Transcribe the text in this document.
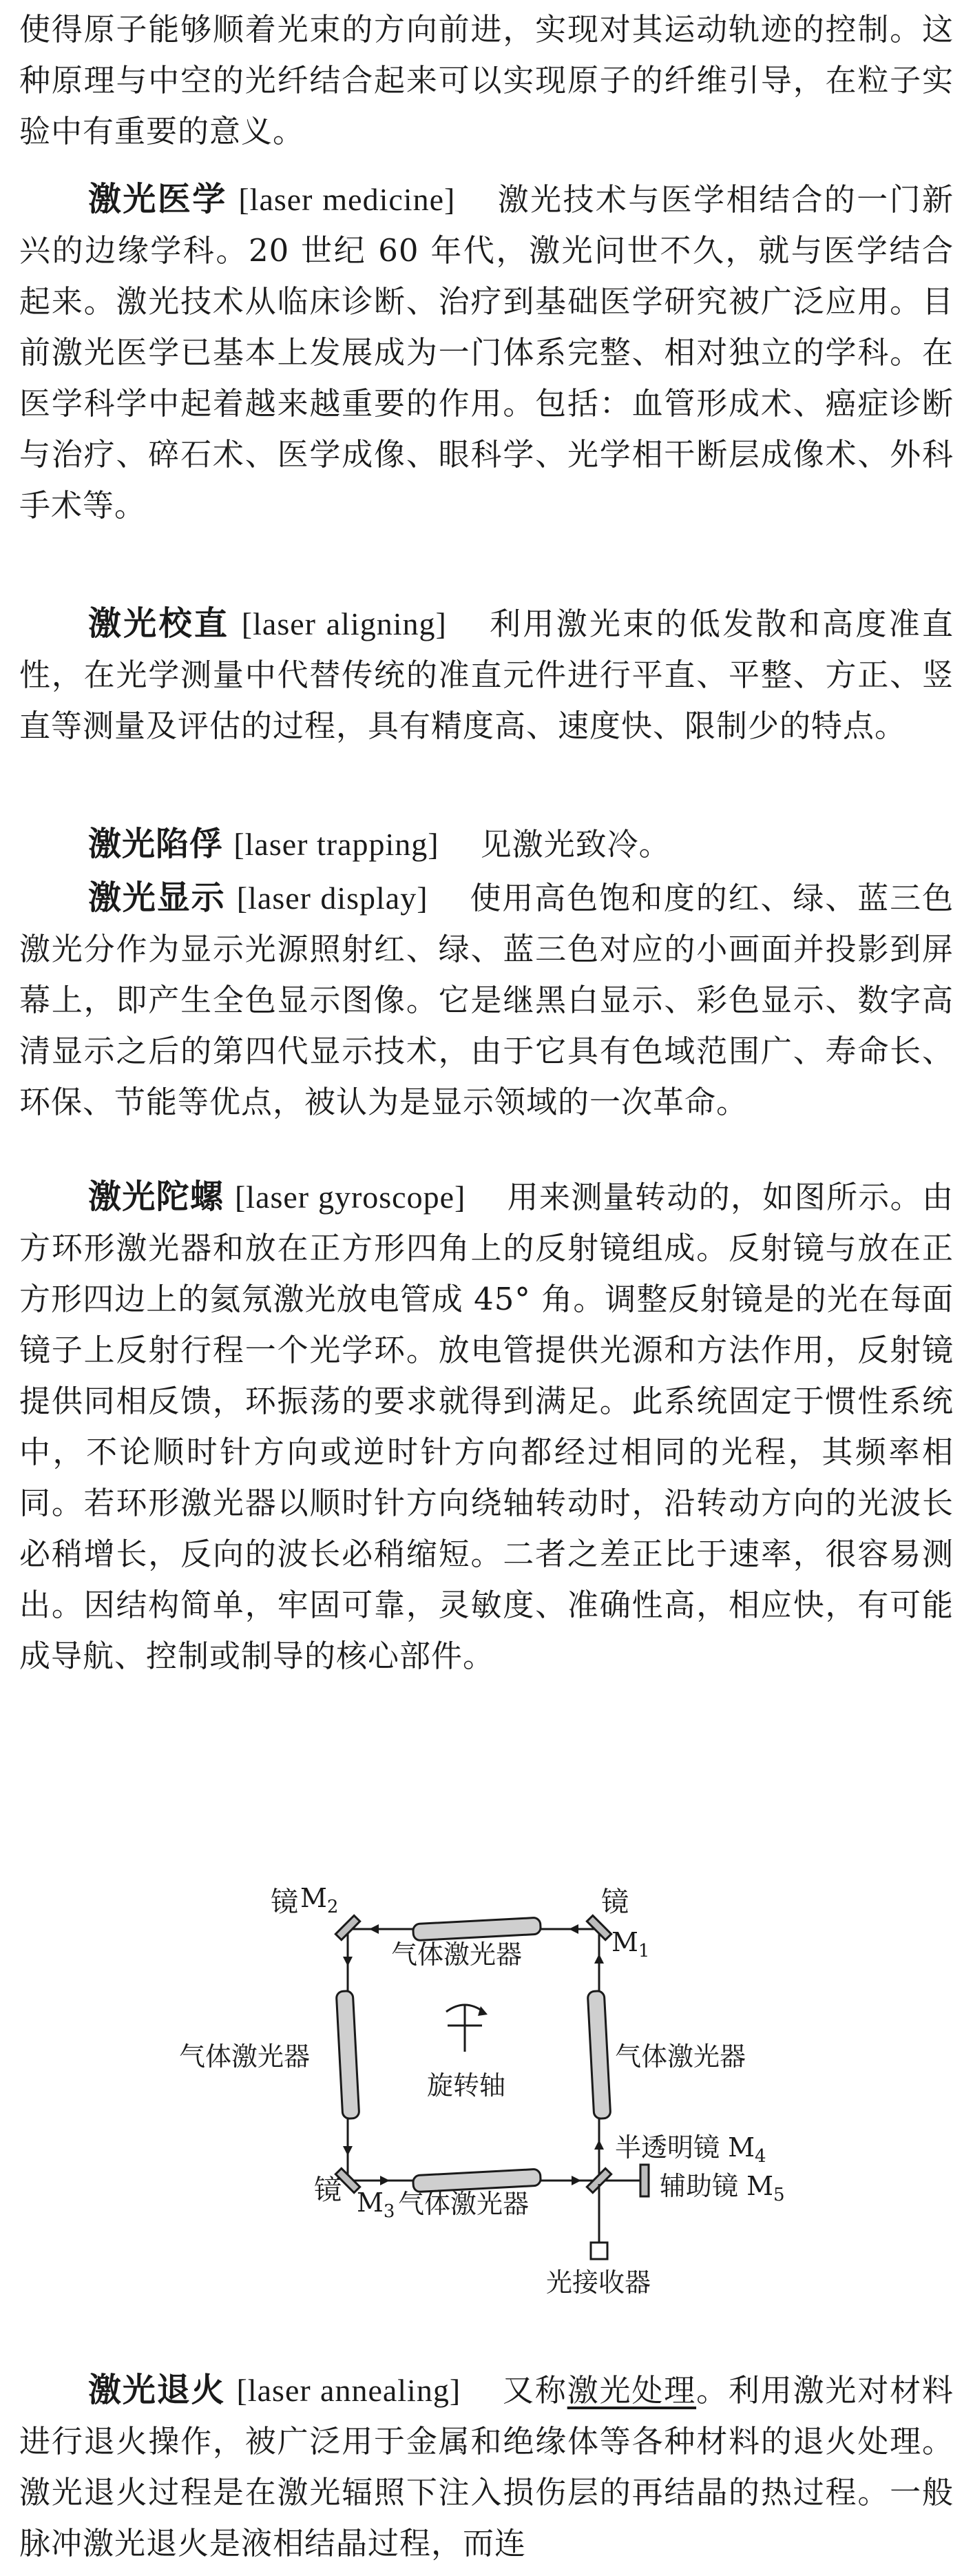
使得原子能够顺着光束的方向前进，实现对其运动轨迹的控制。这种原理与中空的光纤结合起来可以实现原子的纤维引导，在粒子实验中有重要的意义。

激光医学 [laser medicine] 激光技术与医学相结合的一门新兴的边缘学科。20 世纪 60 年代，激光问世不久，就与医学结合起来。激光技术从临床诊断、治疗到基础医学研究被广泛应用。目前激光医学已基本上发展成为一门体系完整、相对独立的学科。在医学科学中起着越来越重要的作用。包括：血管形成术、癌症诊断与治疗、碎石术、医学成像、眼科学、光学相干断层成像术、外科手术等。

激光校直 [laser aligning] 利用激光束的低发散和高度准直性，在光学测量中代替传统的准直元件进行平直、平整、方正、竖直等测量及评估的过程，具有精度高、速度快、限制少的特点。

激光陷俘 [laser trapping] 见激光致冷。

激光显示 [laser display] 使用高色饱和度的红、绿、蓝三色激光分作为显示光源照射红、绿、蓝三色对应的小画面并投影到屏幕上，即产生全色显示图像。它是继黑白显示、彩色显示、数字高清显示之后的第四代显示技术，由于它具有色域范围广、寿命长、环保、节能等优点，被认为是显示领域的一次革命。

激光陀螺 [laser gyroscope] 用来测量转动的，如图所示。由方环形激光器和放在正方形四角上的反射镜组成。反射镜与放在正方形四边上的氦氖激光放电管成 45° 角。调整反射镜是的光在每面镜子上反射行程一个光学环。放电管提供光源和方法作用，反射镜提供同相反馈，环振荡的要求就得到满足。此系统固定于惯性系统中，不论顺时针方向或逆时针方向都经过相同的光程，其频率相同。若环形激光器以顺时针方向绕轴转动时，沿转动方向的光波长必稍增长，反向的波长必稍缩短。二者之差正比于速率，很容易测出。因结构简单，牢固可靠，灵敏度、准确性高，相应快，有可能成导航、控制或制导的核心部件。

镜 $M_2$	镜
$M_1$
气体激光器
气体激光器	气体激光器
旋转轴
半透明镜 $M_4$
辅助镜 $M_5$
镜 $M_3$ 气体激光器
光接收器

激光退火 [laser annealing] 又称激光处理。利用激光对材料进行退火操作，被广泛用于金属和绝缘体等各种材料的退火处理。激光退火过程是在激光辐照下注入损伤层的再结晶的热过程。一般脉冲激光退火是液相结晶过程，而连
